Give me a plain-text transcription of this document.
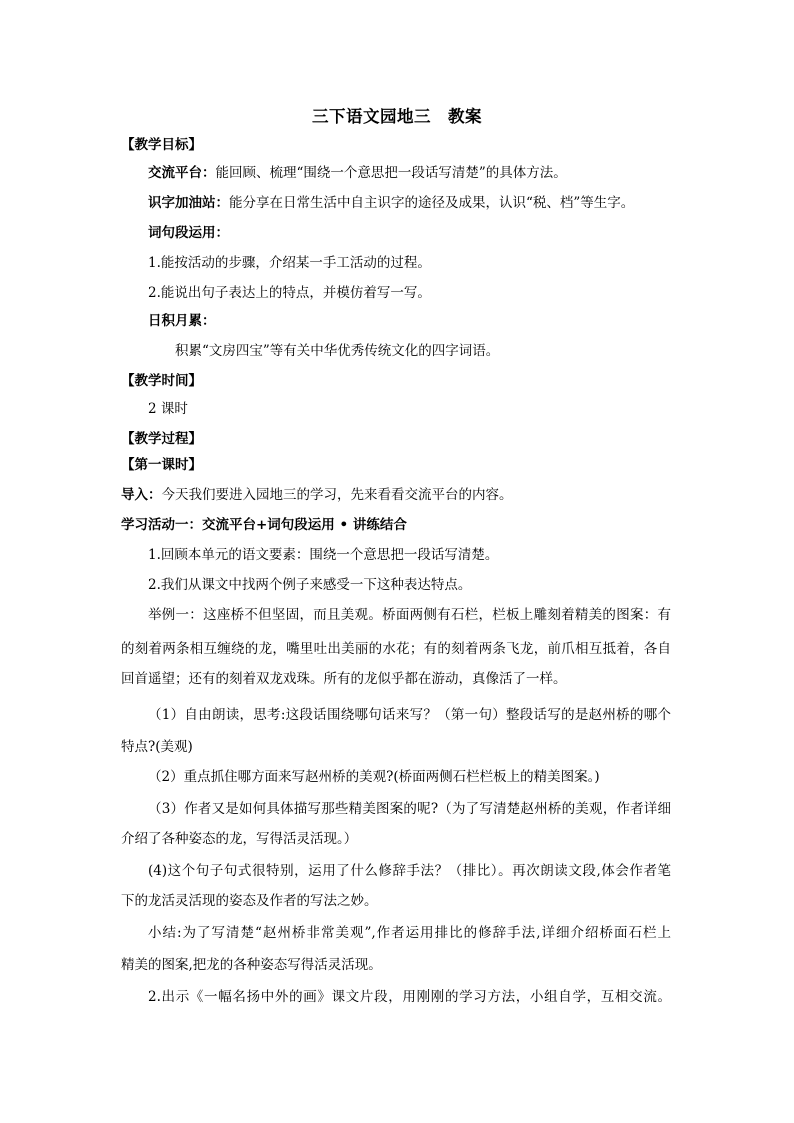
三下语文园地三　教案
【教学目标】
交流平台：能回顾、梳理“围绕一个意思把一段话写清楚”的具体方法。
识字加油站：能分享在日常生活中自主识字的途径及成果，认识“税、档”等生字。
词句段运用：
1.能按活动的步骤，介绍某一手工活动的过程。
2.能说出句子表达上的特点，并模仿着写一写。
日积月累：
积累“文房四宝”等有关中华优秀传统文化的四字词语。
【教学时间】
2 课时
【教学过程】
【第一课时】
导入：今天我们要进入园地三的学习，先来看看交流平台的内容。
学习活动一：交流平台+词句段运用 • 讲练结合
1.回顾本单元的语文要素：围绕一个意思把一段话写清楚。
2.我们从课文中找两个例子来感受一下这种表达特点。
举例一：这座桥不但坚固，而且美观。桥面两侧有石栏，栏板上雕刻着精美的图案：有
的刻着两条相互缠绕的龙，嘴里吐出美丽的水花；有的刻着两条飞龙，前爪相互抵着，各自
回首遥望；还有的刻着双龙戏珠。所有的龙似乎都在游动，真像活了一样。
（1）自由朗读，思考:这段话围绕哪句话来写？（第一句）整段话写的是赵州桥的哪个
特点?(美观)
（2）重点抓住哪方面来写赵州桥的美观?(桥面两侧石栏栏板上的精美图案。)
（3）作者又是如何具体描写那些精美图案的呢?（为了写清楚赵州桥的美观，作者详细
介绍了各种姿态的龙，写得活灵活现。）
(4)这个句子句式很特别，运用了什么修辞手法？（排比）。再次朗读文段,体会作者笔
下的龙活灵活现的姿态及作者的写法之妙。
小结:为了写清楚“赵州桥非常美观”,作者运用排比的修辞手法,详细介绍桥面石栏上
精美的图案,把龙的各种姿态写得活灵活现。
2.出示《一幅名扬中外的画》课文片段，用刚刚的学习方法，小组自学，互相交流。
